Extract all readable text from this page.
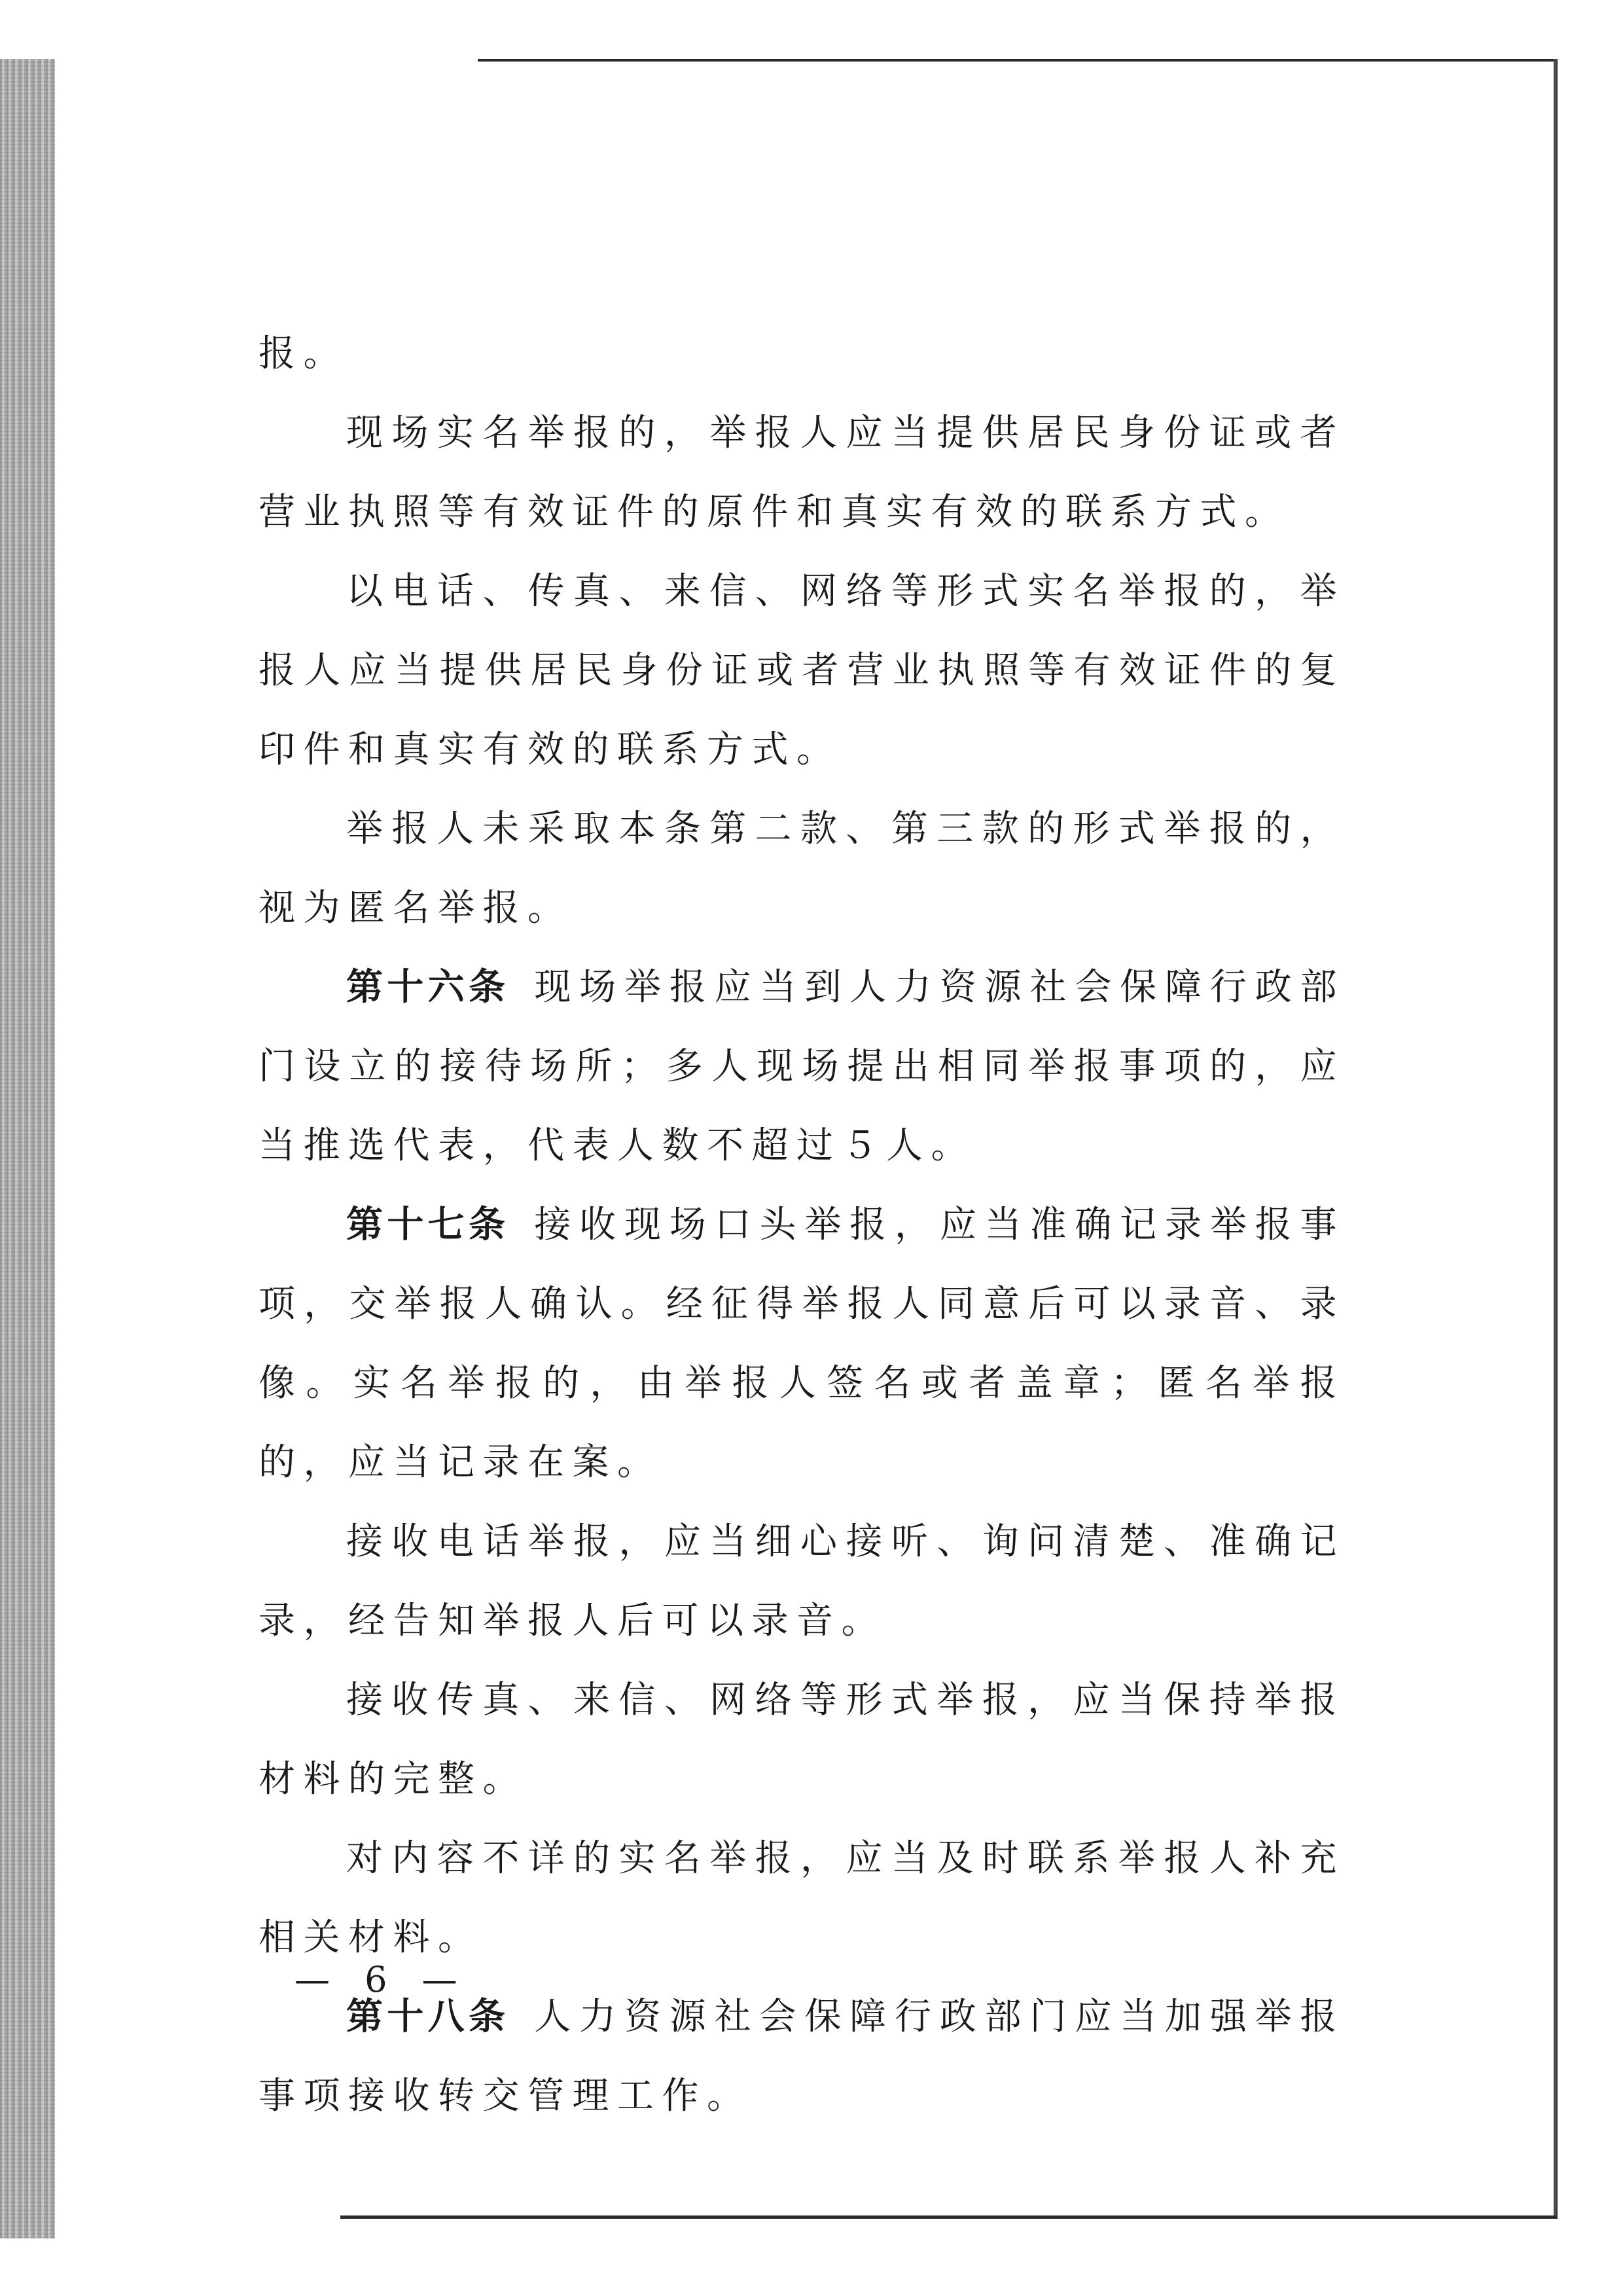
报。

现场实名举报的，举报人应当提供居民身份证或者营业执照等有效证件的原件和真实有效的联系方式。

以电话、传真、来信、网络等形式实名举报的，举报人应当提供居民身份证或者营业执照等有效证件的复印件和真实有效的联系方式。

举报人未采取本条第二款、第三款的形式举报的，视为匿名举报。

第十六条 现场举报应当到人力资源社会保障行政部门设立的接待场所；多人现场提出相同举报事项的，应当推选代表，代表人数不超过５人。

第十七条 接收现场口头举报，应当准确记录举报事项，交举报人确认。经征得举报人同意后可以录音、录像。实名举报的，由举报人签名或者盖章；匿名举报的，应当记录在案。

接收电话举报，应当细心接听、询问清楚、准确记录，经告知举报人后可以录音。

接收传真、来信、网络等形式举报，应当保持举报材料的完整。

对内容不详的实名举报，应当及时联系举报人补充相关材料。

第十八条 人力资源社会保障行政部门应当加强举报事项接收转交管理工作。

— 6 —
